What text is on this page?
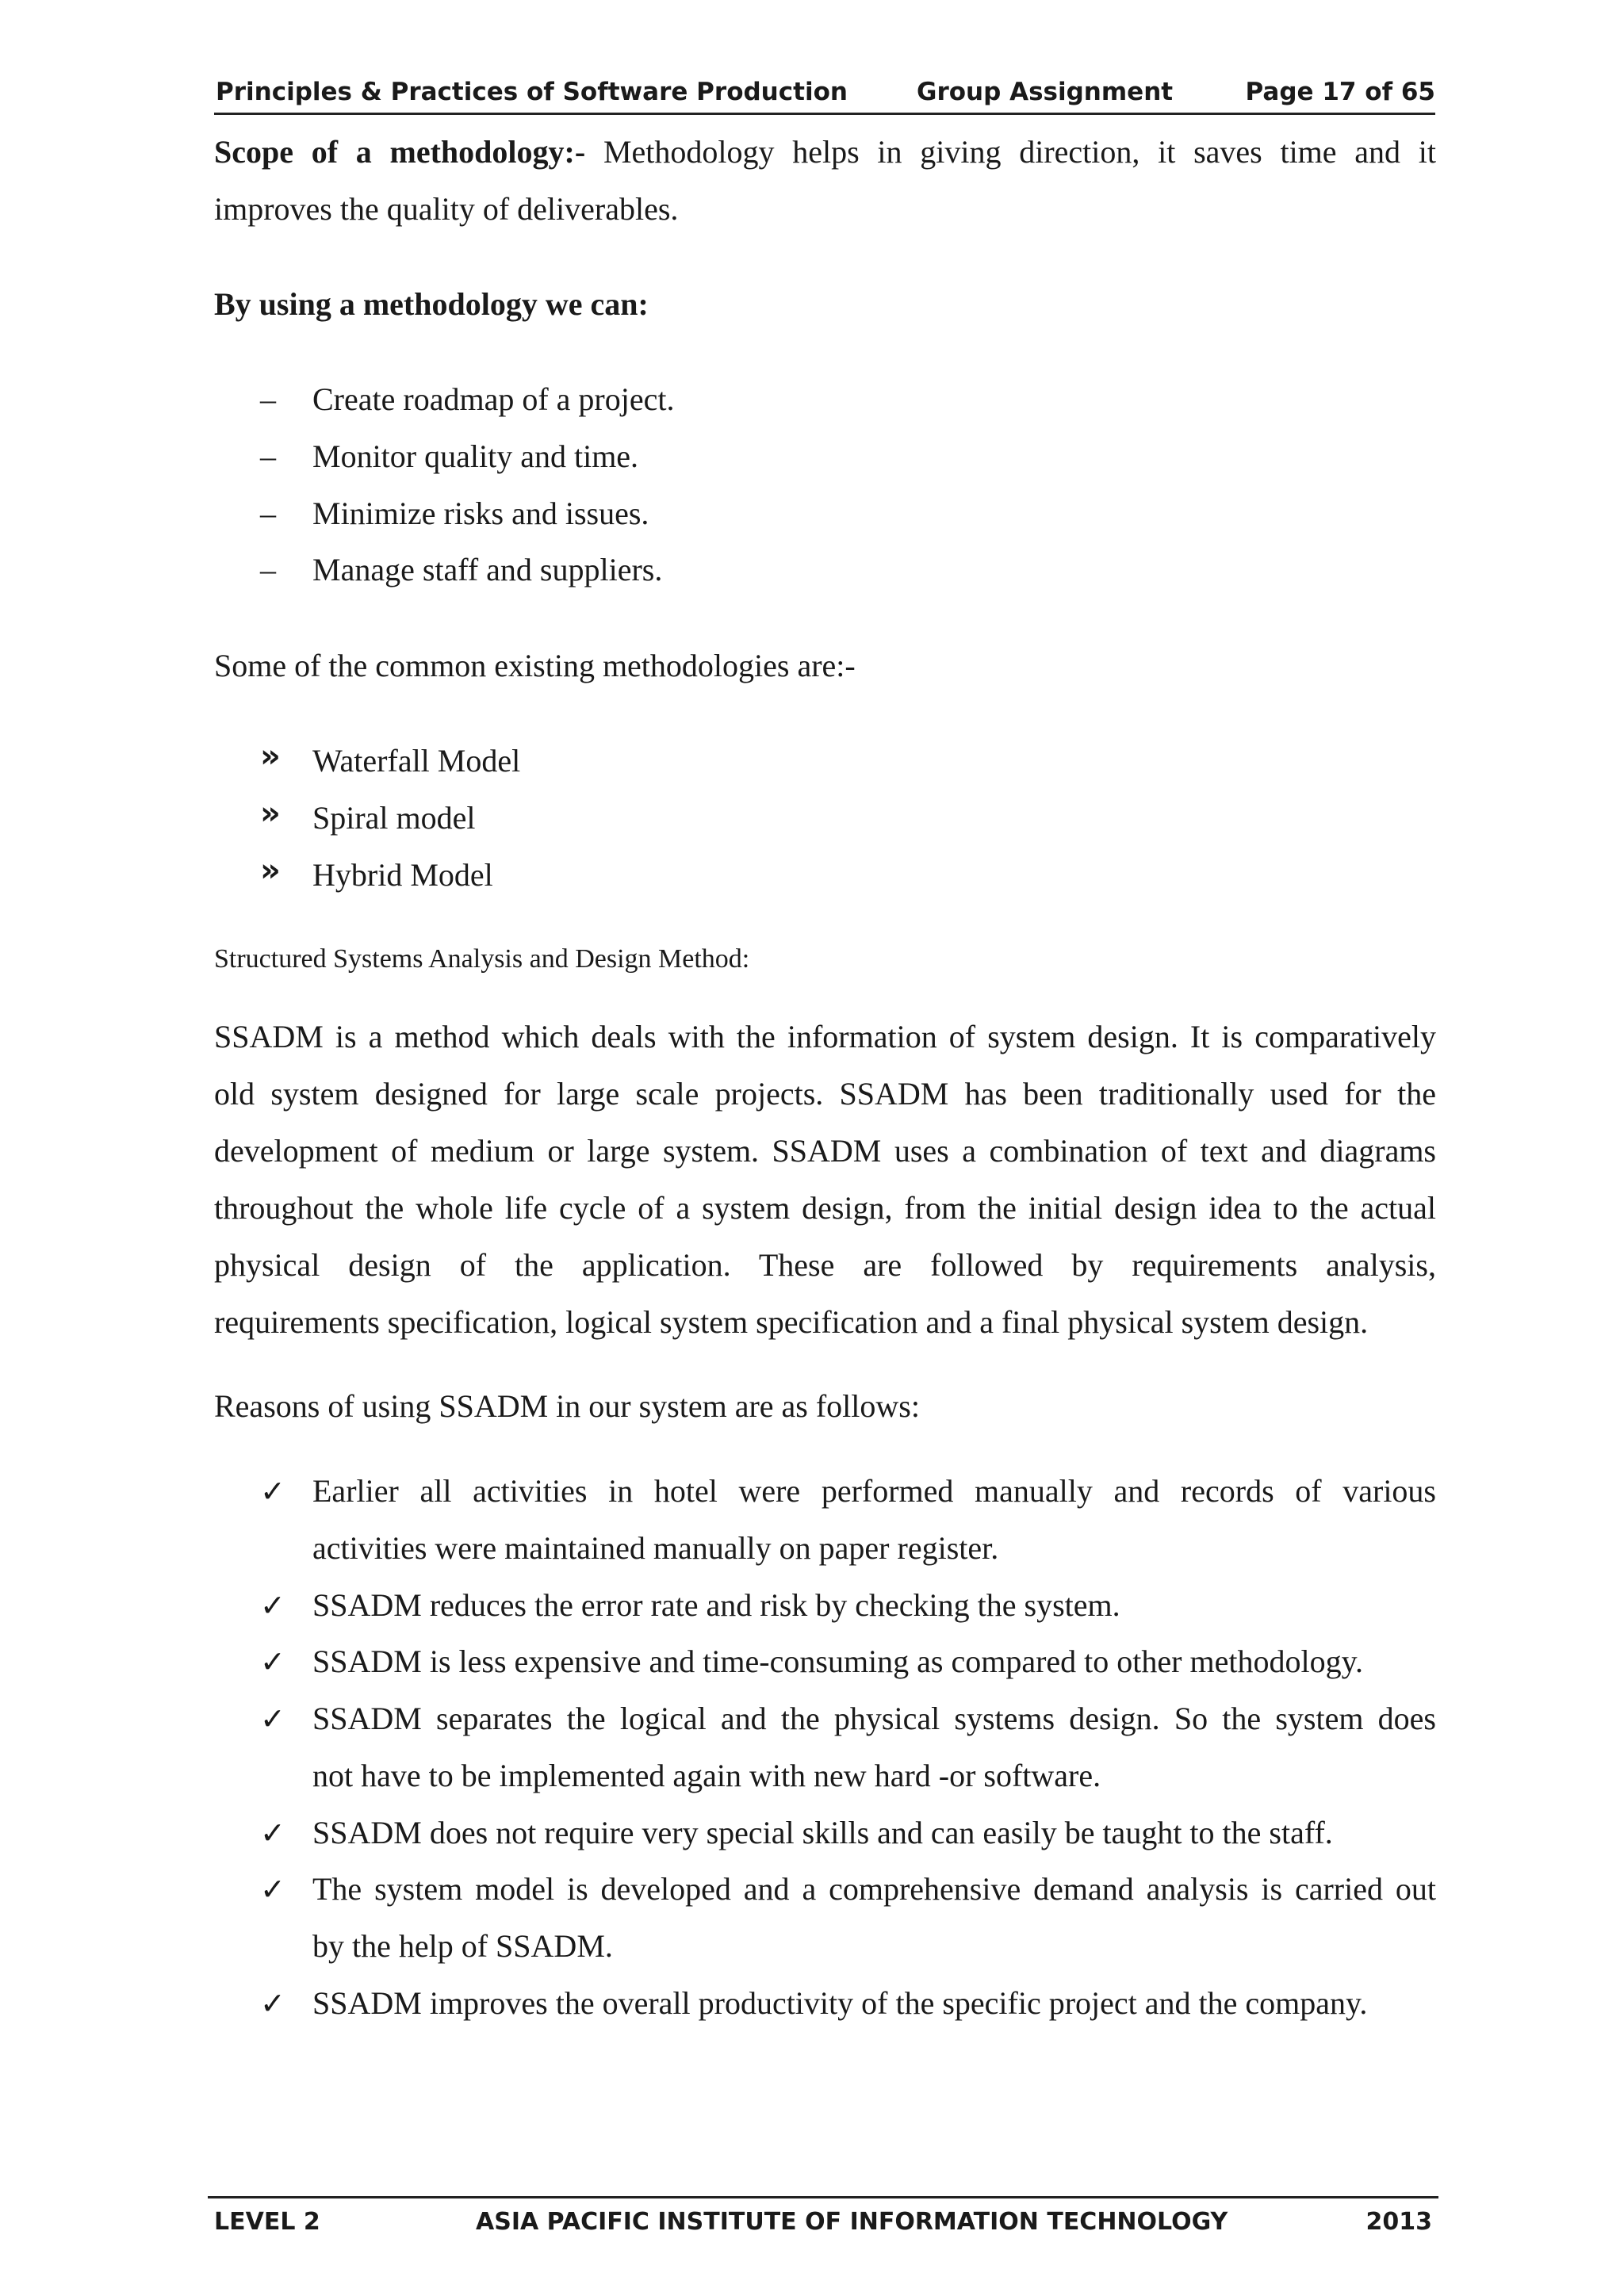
Principles & Practices of Software Production	Group Assignment	Page 17 of 65
Scope of a methodology:- Methodology helps in giving direction, it saves time and it
improves the quality of deliverables.
By using a methodology we can:
– Create roadmap of a project.
– Monitor quality and time.
– Minimize risks and issues.
– Manage staff and suppliers.
Some of the common existing methodologies are:-
» Waterfall Model
» Spiral model
» Hybrid Model
Structured Systems Analysis and Design Method:
SSADM is a method which deals with the information of system design. It is comparatively
old system designed for large scale projects. SSADM has been traditionally used for the
development of medium or large system. SSADM uses a combination of text and diagrams
throughout the whole life cycle of a system design, from the initial design idea to the actual
physical design of the application. These are followed by requirements analysis,
requirements specification, logical system specification and a final physical system design.
Reasons of using SSADM in our system are as follows:
✓ Earlier all activities in hotel were performed manually and records of various
activities were maintained manually on paper register.
✓ SSADM reduces the error rate and risk by checking the system.
✓ SSADM is less expensive and time-consuming as compared to other methodology.
✓ SSADM separates the logical and the physical systems design. So the system does
not have to be implemented again with new hard -or software.
✓ SSADM does not require very special skills and can easily be taught to the staff.
✓ The system model is developed and a comprehensive demand analysis is carried out
by the help of SSADM.
✓ SSADM improves the overall productivity of the specific project and the company.
LEVEL 2	ASIA PACIFIC INSTITUTE OF INFORMATION TECHNOLOGY	2013
